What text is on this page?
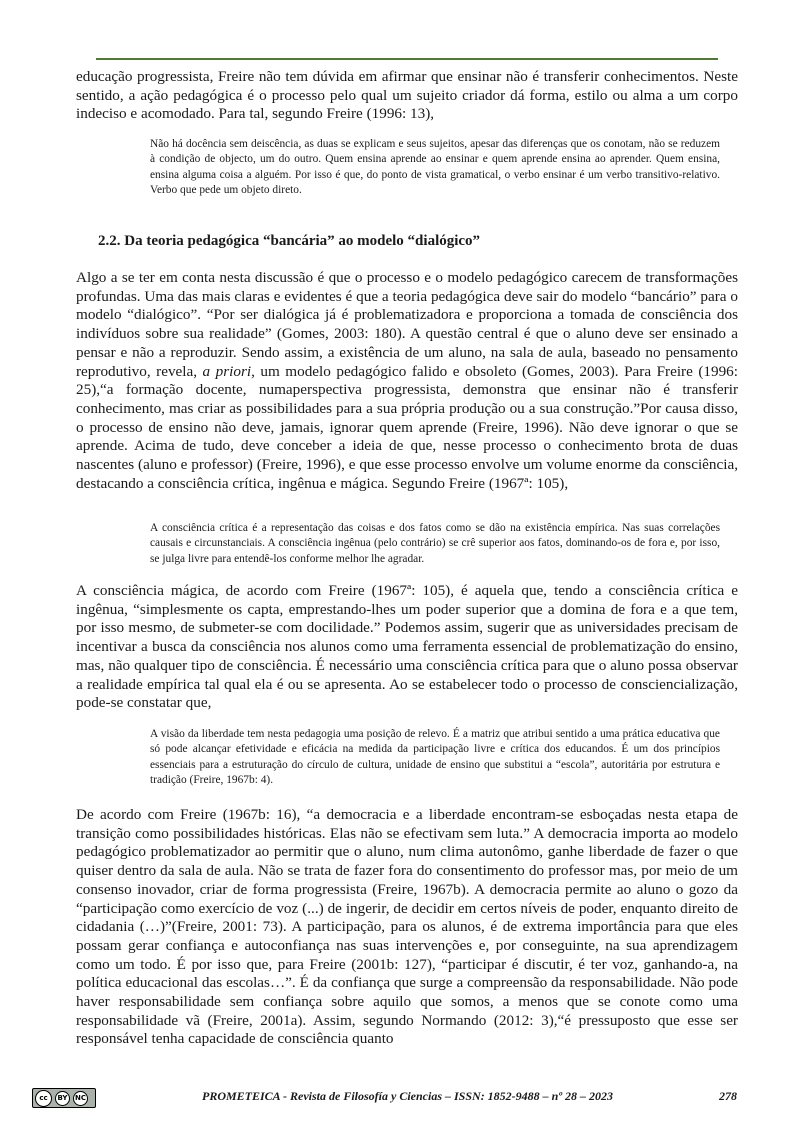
educação progressista, Freire não tem dúvida em afirmar que ensinar não é transferir conhecimentos. Neste sentido, a ação pedagógica é o processo pelo qual um sujeito criador dá forma, estilo ou alma a um corpo indeciso e acomodado. Para tal, segundo Freire (1996: 13),

Não há docência sem deiscência, as duas se explicam e seus sujeitos, apesar das diferenças que os conotam, não se reduzem à condição de objecto, um do outro. Quem ensina aprende ao ensinar e quem aprende ensina ao aprender. Quem ensina, ensina alguma coisa a alguém. Por isso é que, do ponto de vista gramatical, o verbo ensinar é um verbo transitivo-relativo. Verbo que pede um objeto direto.

2.2. Da teoria pedagógica “bancária” ao modelo “dialógico”

Algo a se ter em conta nesta discussão é que o processo e o modelo pedagógico carecem de transformações profundas. Uma das mais claras e evidentes é que a teoria pedagógica deve sair do modelo “bancário” para o modelo “dialógico”. “Por ser dialógica já é problematizadora e proporciona a tomada de consciência dos indivíduos sobre sua realidade” (Gomes, 2003: 180). A questão central é que o aluno deve ser ensinado a pensar e não a reproduzir. Sendo assim, a existência de um aluno, na sala de aula, baseado no pensamento reprodutivo, revela, a priori, um modelo pedagógico falido e obsoleto (Gomes, 2003). Para Freire (1996: 25),“a formação docente, numaperspectiva progressista, demonstra que ensinar não é transferir conhecimento, mas criar as possibilidades para a sua própria produção ou a sua construção.”Por causa disso, o processo de ensino não deve, jamais, ignorar quem aprende (Freire, 1996). Não deve ignorar o que se aprende. Acima de tudo, deve conceber a ideia de que, nesse processo o conhecimento brota de duas nascentes (aluno e professor) (Freire, 1996), e que esse processo envolve um volume enorme da consciência, destacando a consciência crítica, ingênua e mágica. Segundo Freire (1967ª: 105),

A consciência crítica é a representação das coisas e dos fatos como se dão na existência empírica. Nas suas correlações causais e circunstanciais. A consciência ingênua (pelo contrário) se crê superior aos fatos, dominando-os de fora e, por isso, se julga livre para entendê-los conforme melhor lhe agradar.

A consciência mágica, de acordo com Freire (1967ª: 105), é aquela que, tendo a consciência crítica e ingênua, “simplesmente os capta, emprestando-lhes um poder superior que a domina de fora e a que tem, por isso mesmo, de submeter-se com docilidade.” Podemos assim, sugerir que as universidades precisam de incentivar a busca da consciência nos alunos como uma ferramenta essencial de problematização do ensino, mas, não qualquer tipo de consciência. É necessário uma consciência crítica para que o aluno possa observar a realidade empírica tal qual ela é ou se apresenta. Ao se estabelecer todo o processo de consciencialização, pode-se constatar que,

A visão da liberdade tem nesta pedagogia uma posição de relevo. É a matriz que atribui sentido a uma prática educativa que só pode alcançar efetividade e eficácia na medida da participação livre e crítica dos educandos. É um dos princípios essenciais para a estruturação do círculo de cultura, unidade de ensino que substitui a “escola”, autoritária por estrutura e tradição (Freire, 1967b: 4).

De acordo com Freire (1967b: 16), “a democracia e a liberdade encontram-se esboçadas nesta etapa de transição como possibilidades históricas. Elas não se efectivam sem luta.” A democracia importa ao modelo pedagógico problematizador ao permitir que o aluno, num clima autonômo, ganhe liberdade de fazer o que quiser dentro da sala de aula. Não se trata de fazer fora do consentimento do professor mas, por meio de um consenso inovador, criar de forma progressista (Freire, 1967b). A democracia permite ao aluno o gozo da “participação como exercício de voz (...) de ingerir, de decidir em certos níveis de poder, enquanto direito de cidadania (…)”(Freire, 2001: 73). A participação, para os alunos, é de extrema importância para que eles possam gerar confiança e autoconfiança nas suas intervenções e, por conseguinte, na sua aprendizagem como um todo. É por isso que, para Freire (2001b: 127), “participar é discutir, é ter voz, ganhando-a, na política educacional das escolas…”. É da confiança que surge a compreensão da responsabilidade. Não pode haver responsabilidade sem confiança sobre aquilo que somos, a menos que se conote como uma responsabilidade vã (Freire, 2001a). Assim, segundo Normando (2012: 3),“é pressuposto que esse ser responsável tenha capacidade de consciência quanto

cc	BY	NC	PROMETEICA - Revista de Filosofía y Ciencias – ISSN: 1852-9488 – nº 28 – 2023	278
